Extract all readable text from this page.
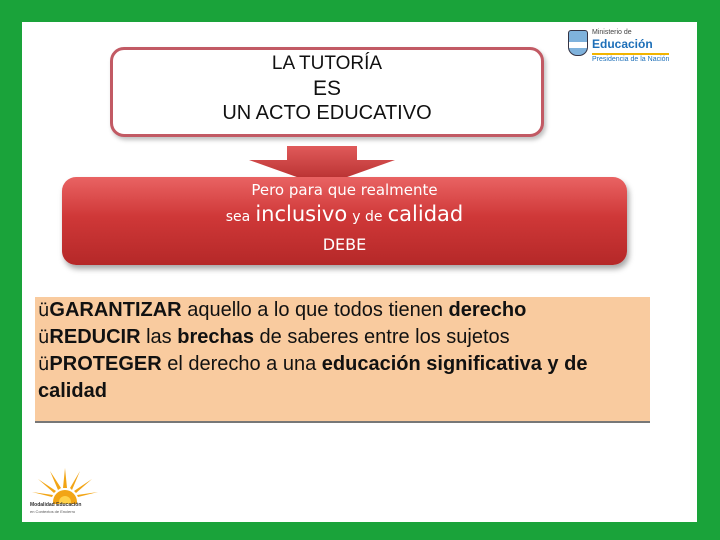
LA TUTORÍA
ES
UN ACTO EDUCATIVO
Ministerio de
Educación
Presidencia de la Nación
Pero para que realmente
sea inclusivo y de calidad
DEBE
üGARANTIZAR aquello a lo que todos tienen derecho
üREDUCIR las brechas de saberes entre los sujetos
üPROTEGER el derecho a una educación significativa y de calidad
Modalidad Educación
en Contextos de Encierro
